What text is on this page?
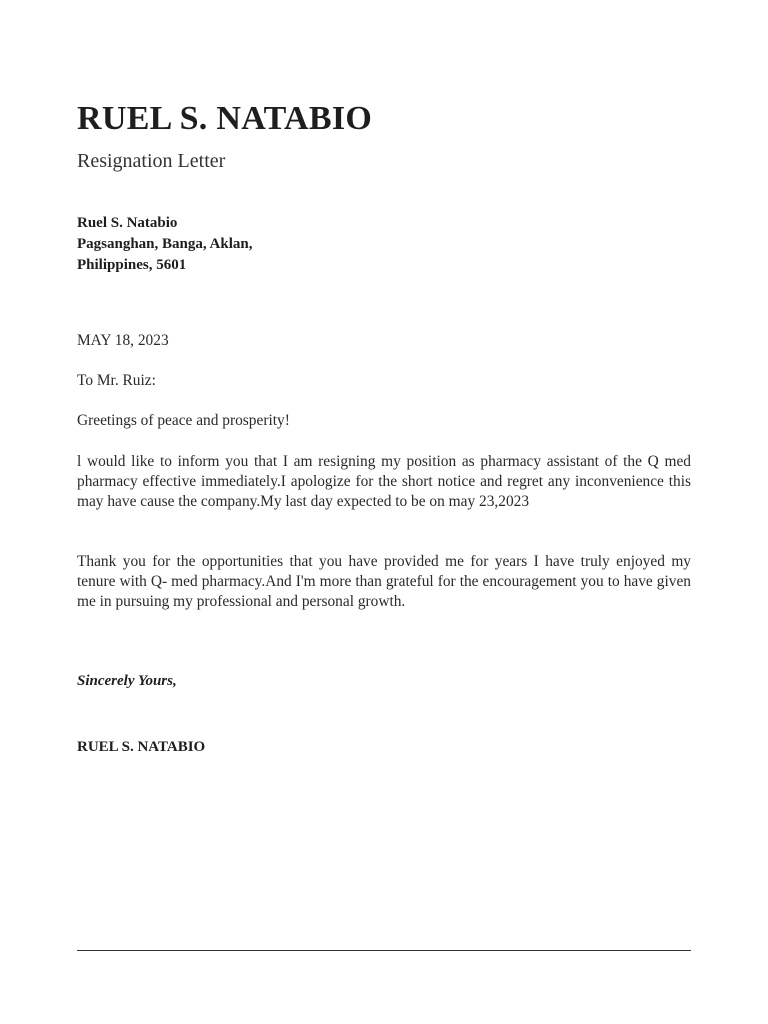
RUEL S. NATABIO
Resignation Letter
Ruel S. Natabio
Pagsanghan, Banga, Aklan,
Philippines, 5601
MAY 18, 2023
To Mr. Ruiz:
Greetings of peace and prosperity!
l would like to inform you that I am resigning my position as pharmacy assistant of the Q med pharmacy effective immediately.I apologize for the short notice and regret any inconvenience this may have cause the company.My last day expected to be on may 23,2023
Thank you for the opportunities that you have provided me for years I have truly enjoyed my tenure with Q- med pharmacy.And I'm more than grateful for the encouragement you to have given me in pursuing my professional and personal growth.
Sincerely Yours,
RUEL S. NATABIO
